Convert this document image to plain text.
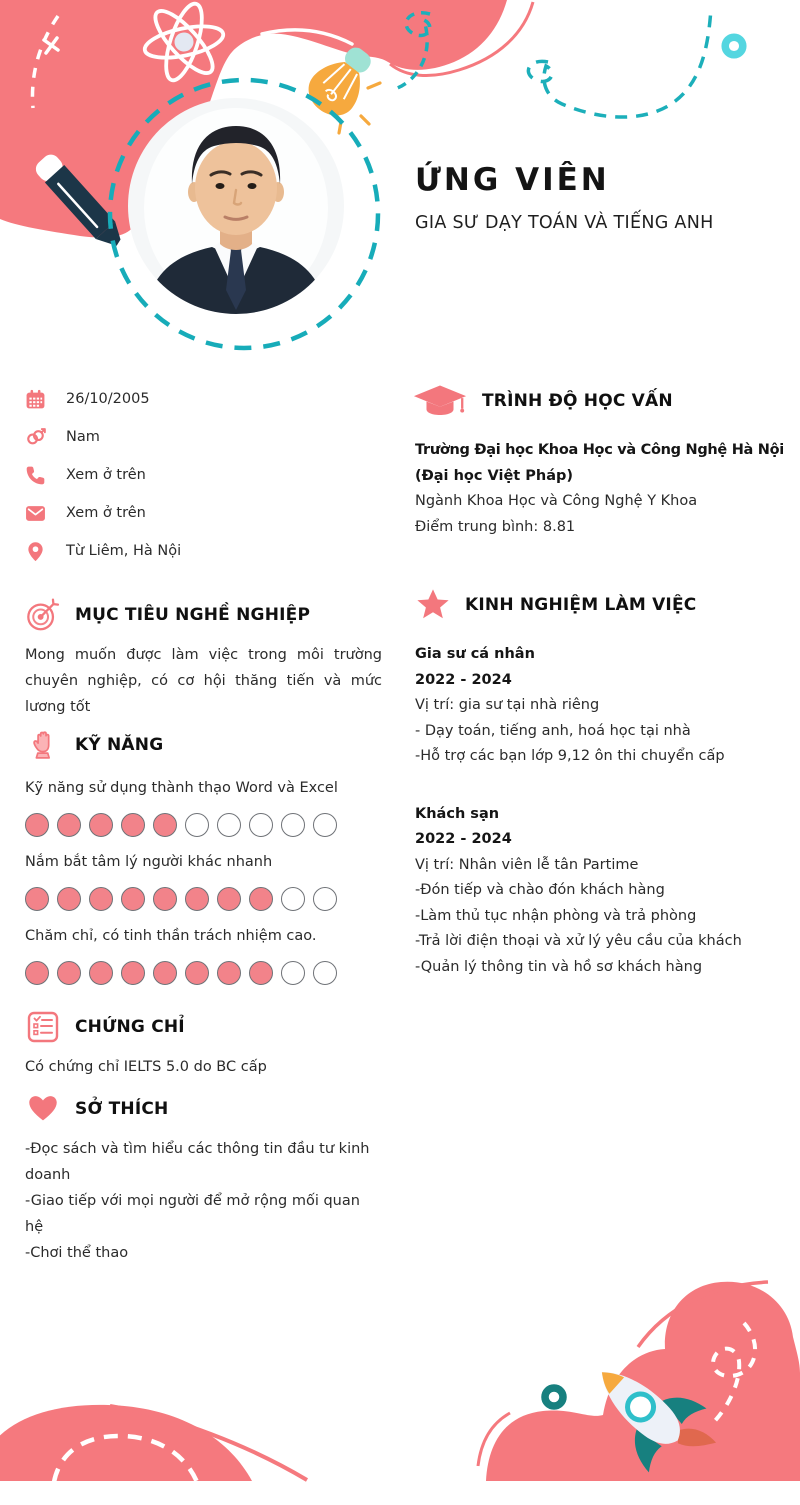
ỨNG VIÊN
GIA SƯ DẠY TOÁN VÀ TIẾNG ANH
26/10/2005
Nam
Xem ở trên
Xem ở trên
Từ Liêm, Hà Nội
MỤC TIÊU NGHỀ NGHIỆP
Mong muốn được làm việc trong môi trường chuyên nghiệp, có cơ hội thăng tiến và mức lương tốt
KỸ NĂNG
Kỹ năng sử dụng thành thạo Word và Excel
Nắm bắt tâm lý người khác nhanh
Chăm chỉ, có tinh thần trách nhiệm cao.
CHỨNG CHỈ
Có chứng chỉ IELTS 5.0 do BC cấp
SỞ THÍCH
-Đọc sách và tìm hiểu các thông tin đầu tư kinh doanh
-Giao tiếp với mọi người để mở rộng mối quan hệ
-Chơi thể thao
TRÌNH ĐỘ HỌC VẤN
Trường Đại học Khoa Học và Công Nghệ Hà Nội
(Đại học Việt Pháp)
Ngành Khoa Học và Công Nghệ Y Khoa
Điểm trung bình: 8.81
KINH NGHIỆM LÀM VIỆC
Gia sư cá nhân
2022 - 2024
Vị trí: gia sư tại nhà riêng
- Dạy toán, tiếng anh, hoá học tại nhà
-Hỗ trợ các bạn lớp 9,12 ôn thi chuyển cấp
Khách sạn
2022 - 2024
Vị trí: Nhân viên lễ tân Partime
-Đón tiếp và chào đón khách hàng
-Làm thủ tục nhận phòng và trả phòng
-Trả lời điện thoại và xử lý yêu cầu của khách
-Quản lý thông tin và hồ sơ khách hàng
